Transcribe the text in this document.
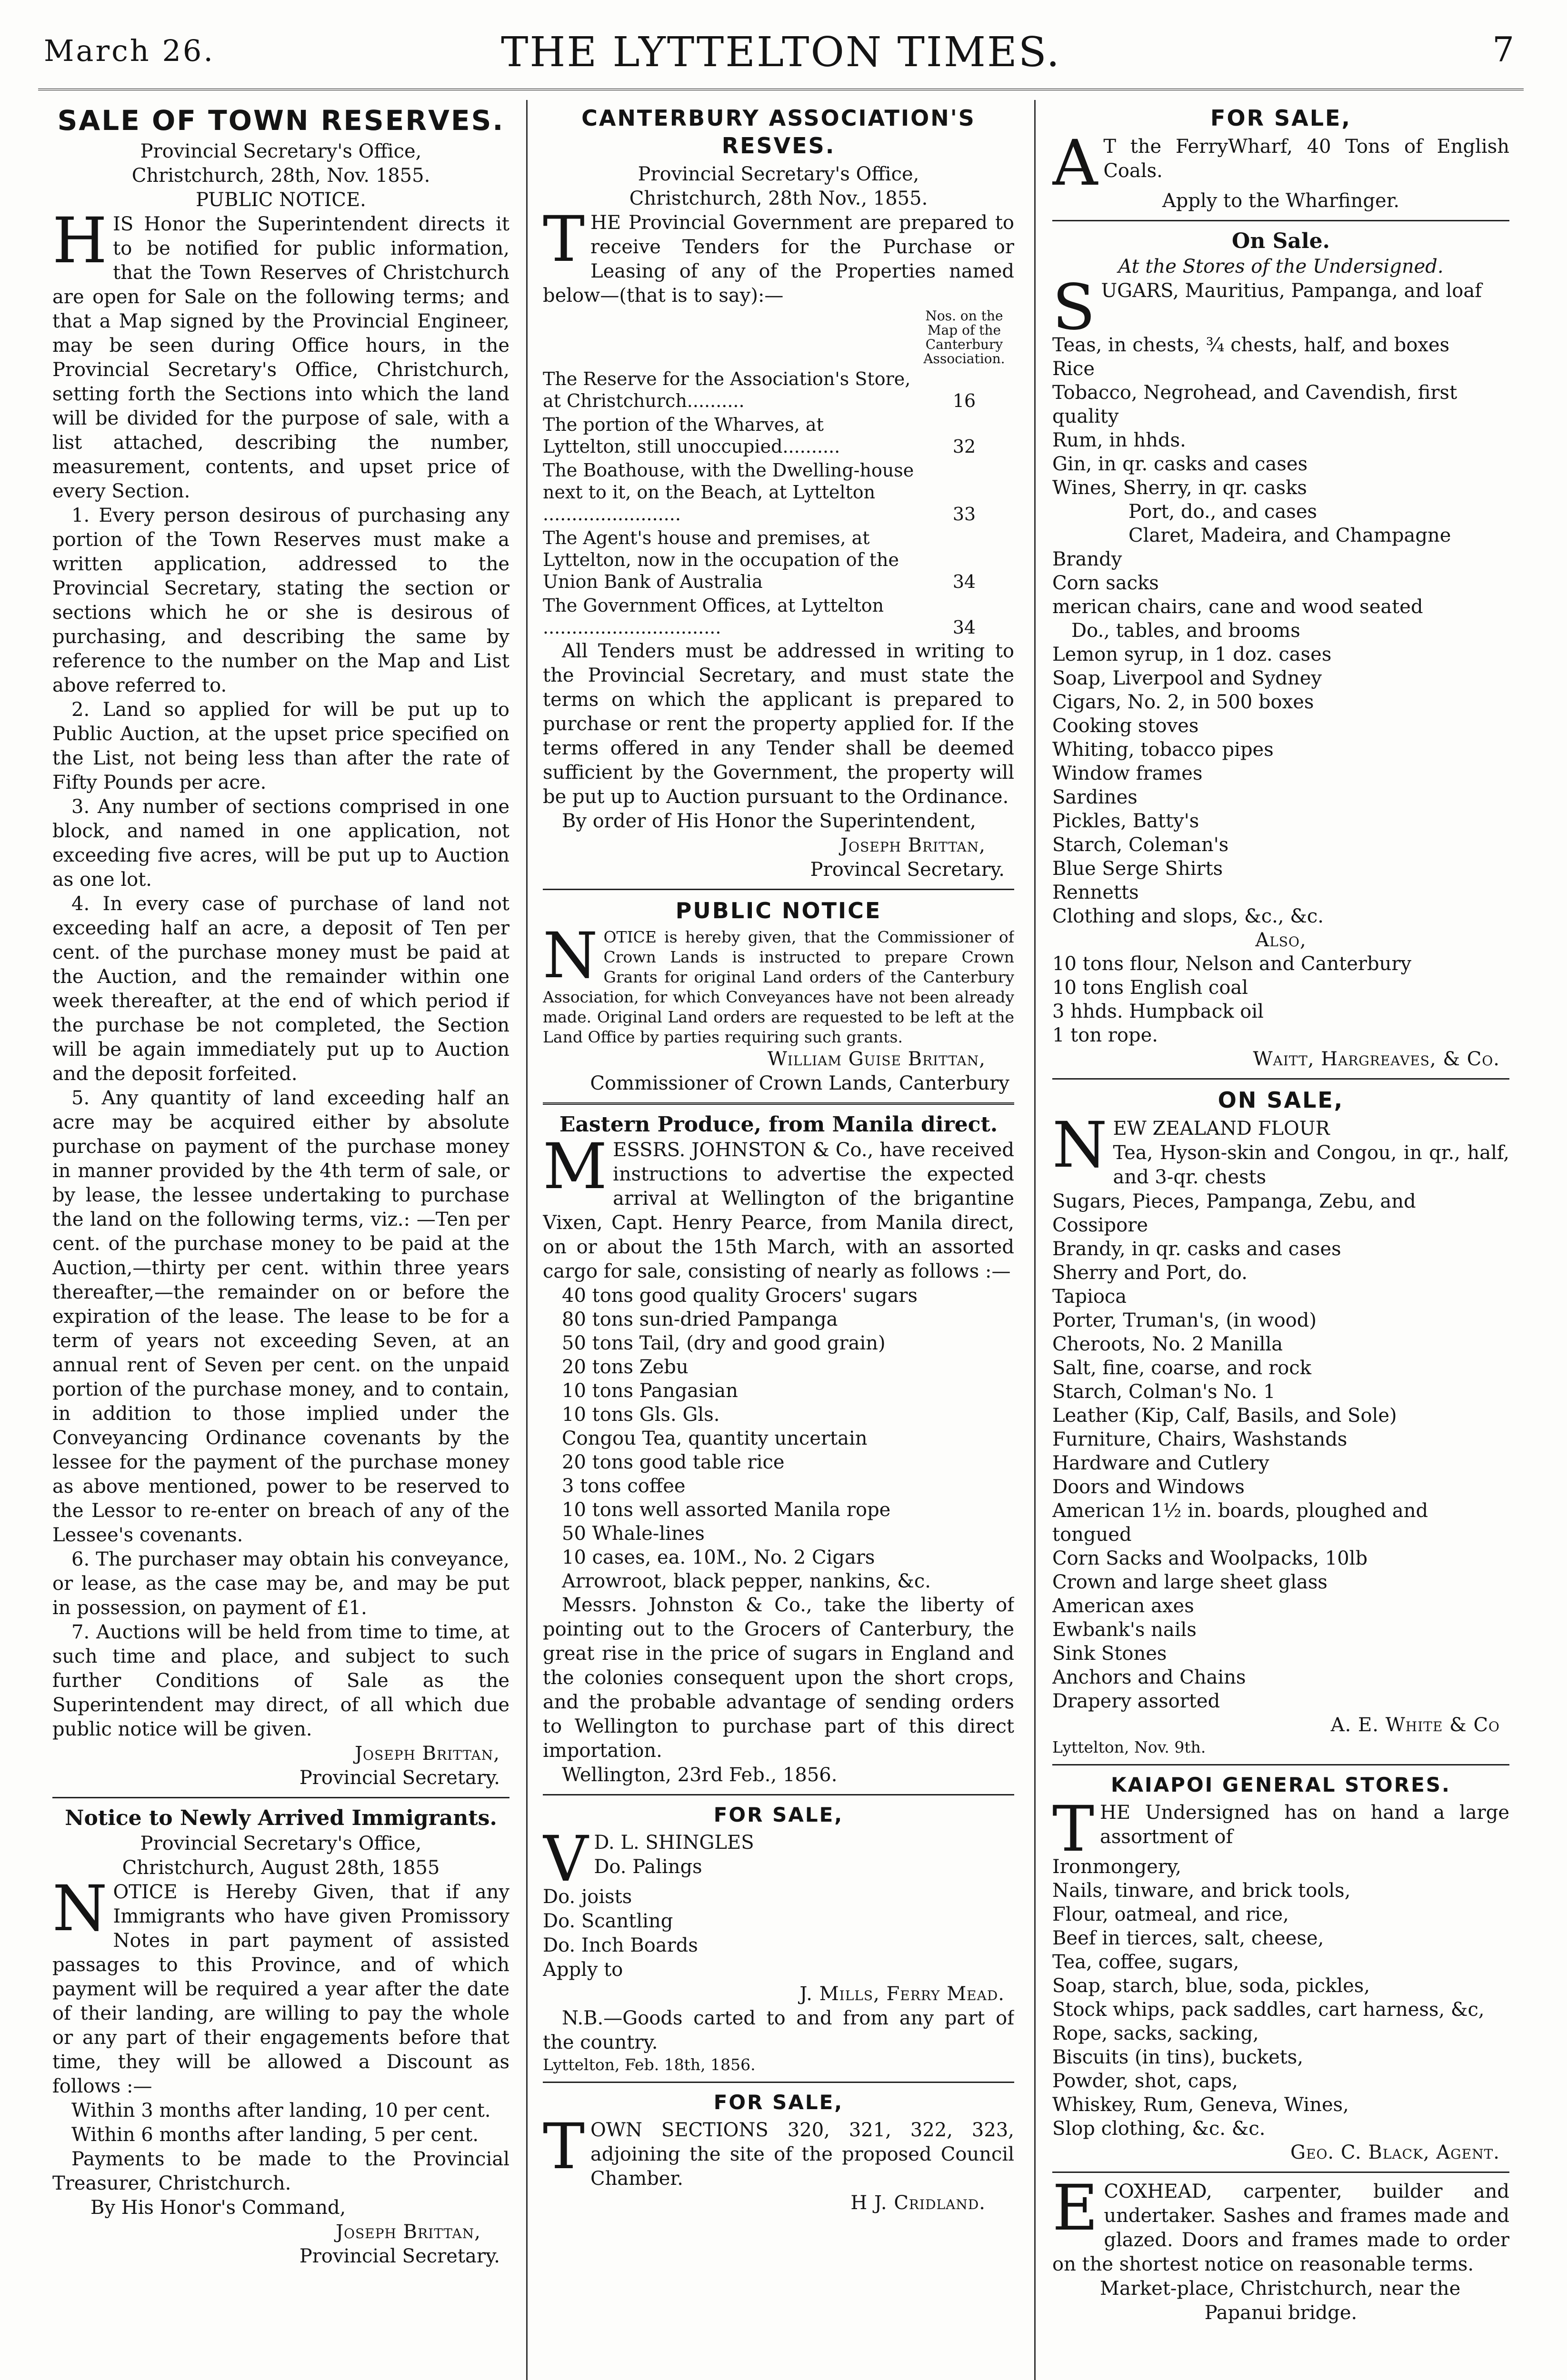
March 26.	THE LYTTELTON TIMES.	7
SALE OF TOWN RESERVES.
Provincial Secretary's Office,
Christchurch, 28th, Nov. 1855.
PUBLIC NOTICE.

HIS Honor the Superintendent directs it to be notified for public information, that the Town Reserves of Christchurch are open for Sale on the following terms; and that a Map signed by the Provincial Engineer, may be seen during Office hours, in the Provincial Secretary's Office, Christchurch, setting forth the Sections into which the land will be divided for the purpose of sale, with a list attached, describing the number, measurement, contents, and upset price of every Section.

1. Every person desirous of purchasing any portion of the Town Reserves must make a written application, addressed to the Provincial Secretary, stating the section or sections which he or she is desirous of purchasing, and describing the same by reference to the number on the Map and List above referred to.

2. Land so applied for will be put up to Public Auction, at the upset price specified on the List, not being less than after the rate of Fifty Pounds per acre.

3. Any number of sections comprised in one block, and named in one application, not exceeding five acres, will be put up to Auction as one lot.

4. In every case of purchase of land not exceeding half an acre, a deposit of Ten per cent. of the purchase money must be paid at the Auction, and the remainder within one week thereafter, at the end of which period if the purchase be not completed, the Section will be again immediately put up to Auction and the deposit forfeited.

5. Any quantity of land exceeding half an acre may be acquired either by absolute purchase on payment of the purchase money in manner provided by the 4th term of sale, or by lease, the lessee undertaking to purchase the land on the following terms, viz.: —Ten per cent. of the purchase money to be paid at the Auction,—thirty per cent. within three years thereafter,—the remainder on or before the expiration of the lease. The lease to be for a term of years not exceeding Seven, at an annual rent of Seven per cent. on the unpaid portion of the purchase money, and to contain, in addition to those implied under the Conveyancing Ordinance covenants by the lessee for the payment of the purchase money as above mentioned, power to be reserved to the Lessor to re-enter on breach of any of the Lessee's covenants.

6. The purchaser may obtain his conveyance, or lease, as the case may be, and may be put in possession, on payment of £1.

7. Auctions will be held from time to time, at such time and place, and subject to such further Conditions of Sale as the Superintendent may direct, of all which due public notice will be given.

Joseph Brittan,
Provincial Secretary.
Notice to Newly Arrived Immigrants.
Provincial Secretary's Office,
Christchurch, August 28th, 1855

NOTICE is Hereby Given, that if any Immigrants who have given Promissory Notes in part payment of assisted passages to this Province, and of which payment will be required a year after the date of their landing, are willing to pay the whole or any part of their engagements before that time, they will be allowed a Discount as follows :—

Within 3 months after landing, 10 per cent.
Within 6 months after landing, 5 per cent.

Payments to be made to the Provincial Treasurer, Christchurch.

By His Honor's Command,
Joseph Brittan,
Provincial Secretary.
CANTERBURY ASSOCIATION'S RESVES.
Provincial Secretary's Office,
Christchurch, 28th Nov., 1855.

THE Provincial Government are prepared to receive Tenders for the Purchase or Leasing of any of the Properties named below—(that is to say):—

	Nos. on the Map of the Canterbury Association.
The Reserve for the Association's Store, at Christchurch..........	16
The portion of the Wharves, at Lyttelton, still unoccupied..........	32
The Boathouse, with the Dwelling-house next to it, on the Beach, at Lyttelton ........................	33
The Agent's house and premises, at Lyttelton, now in the occupation of the Union Bank of Australia	34
The Government Offices, at Lyttelton ...............................	34

All Tenders must be addressed in writing to the Provincial Secretary, and must state the terms on which the applicant is prepared to purchase or rent the property applied for. If the terms offered in any Tender shall be deemed sufficient by the Government, the property will be put up to Auction pursuant to the Ordinance.

By order of His Honor the Superintendent,

Joseph Brittan,
Provincal Secretary.
PUBLIC NOTICE

NOTICE is hereby given, that the Commissioner of Crown Lands is instructed to prepare Crown Grants for original Land orders of the Canterbury Association, for which Conveyances have not been already made. Original Land orders are requested to be left at the Land Office by parties requiring such grants.

William Guise Brittan,
Commissioner of Crown Lands, Canterbury
Eastern Produce, from Manila direct.

MESSRS. JOHNSTON & Co., have received instructions to advertise the expected arrival at Wellington of the brigantine Vixen, Capt. Henry Pearce, from Manila direct, on or about the 15th March, with an assorted cargo for sale, consisting of nearly as follows :—

40 tons good quality Grocers' sugars
80 tons sun-dried Pampanga
50 tons Tail, (dry and good grain)
20 tons Zebu
10 tons Pangasian
10 tons Gls. Gls.
Congou Tea, quantity uncertain
20 tons good table rice
3 tons coffee
10 tons well assorted Manila rope
50 Whale-lines
10 cases, ea. 10M., No. 2 Cigars
Arrowroot, black pepper, nankins, &c.

Messrs. Johnston & Co., take the liberty of pointing out to the Grocers of Canterbury, the great rise in the price of sugars in England and the colonies consequent upon the short crops, and the probable advantage of sending orders to Wellington to purchase part of this direct importation.

Wellington, 23rd Feb., 1856.
FOR SALE,
V D. L. SHINGLES
Do. Palings
Do. joists
Do. Scantling
Do. Inch Boards
Apply to
J. Mills, Ferry Mead.

N.B.—Goods carted to and from any part of the country.

Lyttelton, Feb. 18th, 1856.
FOR SALE,

TOWN SECTIONS 320, 321, 322, 323, adjoining the site of the proposed Council Chamber.

H J. Cridland.
FOR SALE,

A T the FerryWharf, 40 Tons of English Coals.

Apply to the Wharfinger.
On Sale.
At the Stores of the Undersigned.

SUGARS, Mauritius, Pampanga, and loaf

Teas, in chests, ¾ chests, half, and boxes
Rice
Tobacco, Negrohead, and Cavendish, first quality
Rum, in hhds.
Gin, in qr. casks and cases
Wines, Sherry, in qr. casks
Port, do., and cases
Claret, Madeira, and Champagne
Brandy
Corn sacks
merican chairs, cane and wood seated
Do., tables, and brooms
Lemon syrup, in 1 doz. cases
Soap, Liverpool and Sydney
Cigars, No. 2, in 500 boxes
Cooking stoves
Whiting, tobacco pipes
Window frames
Sardines
Pickles, Batty's
Starch, Coleman's
Blue Serge Shirts
Rennetts
Clothing and slops, &c., &c.
Also,
10 tons flour, Nelson and Canterbury
10 tons English coal
3 hhds. Humpback oil
1 ton rope.
Waitt, Hargreaves, & Co.
ON SALE,

NEW ZEALAND FLOUR
Tea, Hyson-skin and Congou, in qr., half, and 3-qr. chests

Sugars, Pieces, Pampanga, Zebu, and Cossipore
Brandy, in qr. casks and cases
Sherry and Port, do.
Tapioca
Porter, Truman's, (in wood)
Cheroots, No. 2 Manilla
Salt, fine, coarse, and rock
Starch, Colman's No. 1
Leather (Kip, Calf, Basils, and Sole)
Furniture, Chairs, Washstands
Hardware and Cutlery
Doors and Windows
American 1½ in. boards, ploughed and tongued
Corn Sacks and Woolpacks, 10lb
Crown and large sheet glass
American axes
Ewbank's nails
Sink Stones
Anchors and Chains
Drapery assorted
A. E. White & Co
Lyttelton, Nov. 9th.
KAIAPOI GENERAL STORES.

THE Undersigned has on hand a large assortment of

Ironmongery,
Nails, tinware, and brick tools,
Flour, oatmeal, and rice,
Beef in tierces, salt, cheese,
Tea, coffee, sugars,
Soap, starch, blue, soda, pickles,
Stock whips, pack saddles, cart harness, &c,
Rope, sacks, sacking,
Biscuits (in tins), buckets,
Powder, shot, caps,
Whiskey, Rum, Geneva, Wines,
Slop clothing, &c. &c.
Geo. C. Black, Agent.

ECOXHEAD, carpenter, builder and undertaker. Sashes and frames made and glazed. Doors and frames made to order on the shortest notice on reasonable terms.

Market-place, Christchurch, near the
Papanui bridge.
